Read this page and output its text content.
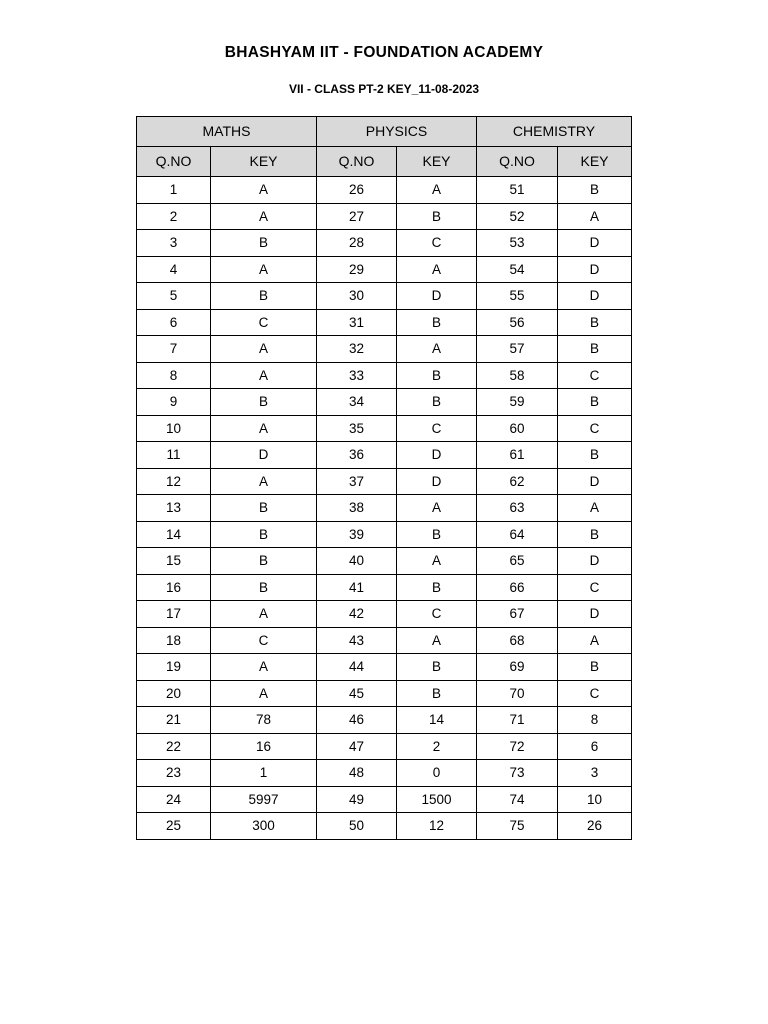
BHASHYAM IIT - FOUNDATION ACADEMY
VII - CLASS PT-2 KEY_11-08-2023
MATHS		PHYSICS		CHEMISTRY	
Q.NO	KEY	Q.NO	KEY	Q.NO	KEY
1	A	26	A	51	B
2	A	27	B	52	A
3	B	28	C	53	D
4	A	29	A	54	D
5	B	30	D	55	D
6	C	31	B	56	B
7	A	32	A	57	B
8	A	33	B	58	C
9	B	34	B	59	B
10	A	35	C	60	C
11	D	36	D	61	B
12	A	37	D	62	D
13	B	38	A	63	A
14	B	39	B	64	B
15	B	40	A	65	D
16	B	41	B	66	C
17	A	42	C	67	D
18	C	43	A	68	A
19	A	44	B	69	B
20	A	45	B	70	C
21	78	46	14	71	8
22	16	47	2	72	6
23	1	48	0	73	3
24	5997	49	1500	74	10
25	300	50	12	75	26
